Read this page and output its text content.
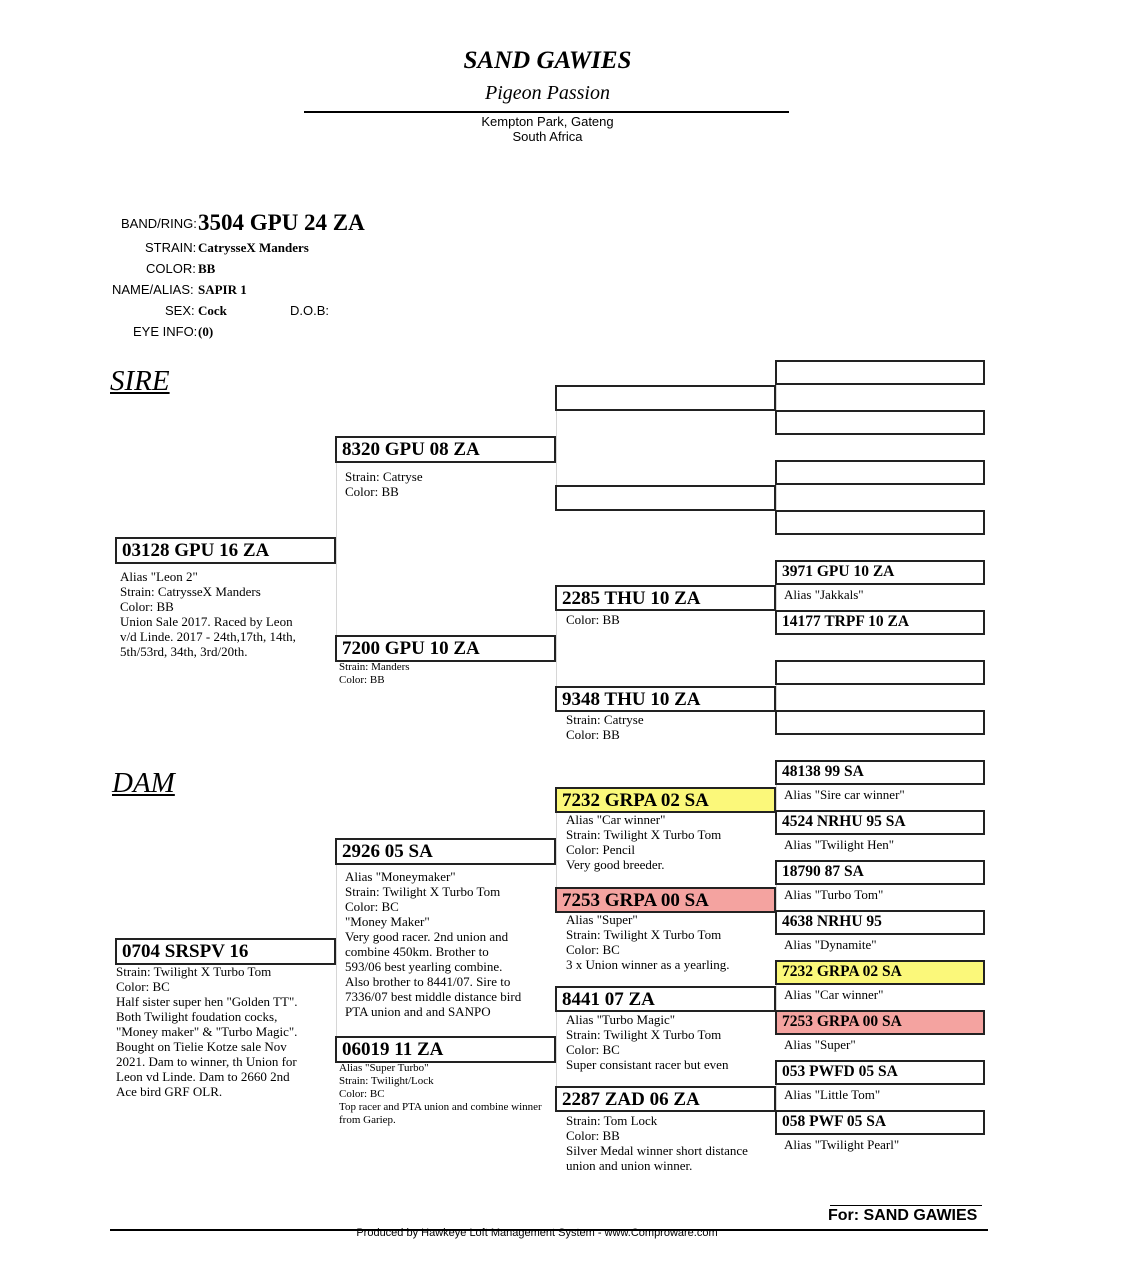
SAND GAWIES
Pigeon Passion
Kempton Park, Gateng
South Africa
BAND/RING: 3504 GPU 24 ZA
STRAIN: CatrysseX Manders
COLOR: BB
NAME/ALIAS: SAPIR 1
SEX: Cock	D.O.B:
EYE INFO: (0)
SIRE
DAM
03128 GPU 16 ZA
Alias "Leon 2"
Strain: CatrysseX Manders
Color: BB
Union Sale 2017. Raced by Leon
v/d Linde. 2017 - 24th,17th, 14th,
5th/53rd, 34th, 3rd/20th.
0704 SRSPV 16
Strain: Twilight X Turbo Tom
Color: BC
Half sister super hen "Golden TT".
Both Twilight foudation cocks,
"Money maker" & "Turbo Magic".
Bought on Tielie Kotze sale Nov
2021. Dam to winner, th Union for
Leon vd Linde. Dam to 2660 2nd
Ace bird GRF OLR.
8320 GPU 08 ZA
Strain: Catryse
Color: BB
7200 GPU 10 ZA
Strain: Manders
Color: BB
2926 05 SA
Alias "Moneymaker"
Strain: Twilight X Turbo Tom
Color: BC
"Money Maker"
Very good racer. 2nd union and
combine 450km. Brother to
593/06 best yearling combine.
Also brother to 8441/07. Sire to
7336/07 best middle distance bird
PTA union and and SANPO
06019 11 ZA
Alias "Super Turbo"
Strain: Twilight/Lock
Color: BC
Top racer and PTA union and combine winner
from Gariep.
2285 THU 10 ZA
Color: BB
9348 THU 10 ZA
Strain: Catryse
Color: BB
7232 GRPA 02 SA
Alias "Car winner"
Strain: Twilight X Turbo Tom
Color: Pencil
Very good breeder.
7253 GRPA 00 SA
Alias "Super"
Strain: Twilight X Turbo Tom
Color: BC
3 x Union winner as a yearling.
8441 07 ZA
Alias "Turbo Magic"
Strain: Twilight X Turbo Tom
Color: BC
Super consistant racer but even
2287 ZAD 06 ZA
Strain: Tom Lock
Color: BB
Silver Medal winner short distance
union and union winner.
3971 GPU 10 ZA
Alias "Jakkals"
14177 TRPF 10 ZA
48138 99 SA
Alias "Sire car winner"
4524 NRHU 95 SA
Alias "Twilight Hen"
18790 87 SA
Alias "Turbo Tom"
4638 NRHU 95
Alias "Dynamite"
7232 GRPA 02 SA
Alias "Car winner"
7253 GRPA 00 SA
Alias "Super"
053 PWFD 05 SA
Alias "Little Tom"
058 PWF 05 SA
Alias "Twilight Pearl"
For: SAND GAWIES
Produced by Hawkeye Loft Management System - www.Comproware.com
